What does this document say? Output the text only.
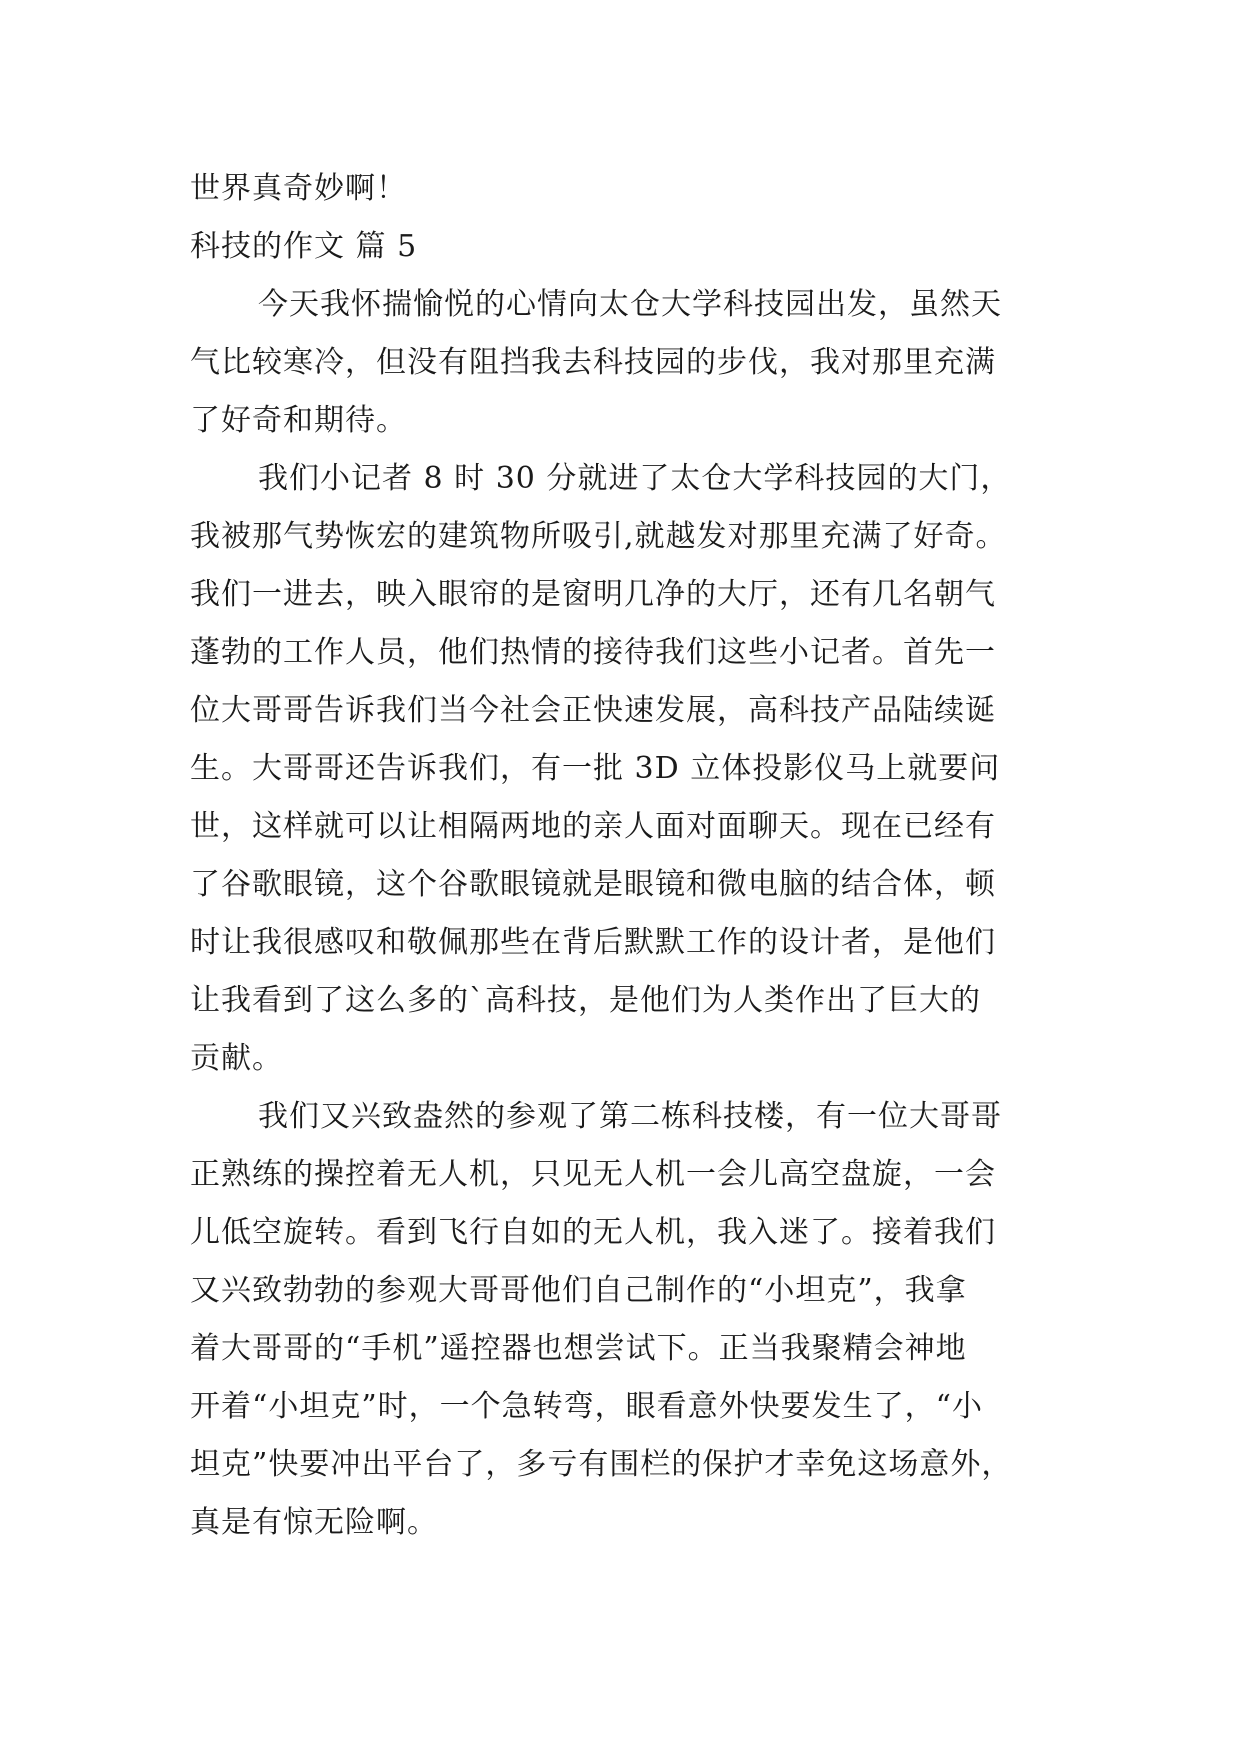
世界真奇妙啊！

科技的作文 篇 5

今天我怀揣愉悦的心情向太仓大学科技园出发，虽然天

气比较寒冷，但没有阻挡我去科技园的步伐，我对那里充满

了好奇和期待。

我们小记者 8 时 30 分就进了太仓大学科技园的大门，

我被那气势恢宏的建筑物所吸引,就越发对那里充满了好奇。

我们一进去，映入眼帘的是窗明几净的大厅，还有几名朝气

蓬勃的工作人员，他们热情的接待我们这些小记者。首先一

位大哥哥告诉我们当今社会正快速发展，高科技产品陆续诞

生。大哥哥还告诉我们，有一批 3D 立体投影仪马上就要问

世，这样就可以让相隔两地的亲人面对面聊天。现在已经有

了谷歌眼镜，这个谷歌眼镜就是眼镜和微电脑的结合体，顿

时让我很感叹和敬佩那些在背后默默工作的设计者，是他们

让我看到了这么多的`高科技，是他们为人类作出了巨大的

贡献。

我们又兴致盎然的参观了第二栋科技楼，有一位大哥哥

正熟练的操控着无人机，只见无人机一会儿高空盘旋，一会

儿低空旋转。看到飞行自如的无人机，我入迷了。接着我们

又兴致勃勃的参观大哥哥他们自己制作的“小坦克”，我拿

着大哥哥的“手机”遥控器也想尝试下。正当我聚精会神地

开着“小坦克”时，一个急转弯，眼看意外快要发生了，“小

坦克”快要冲出平台了，多亏有围栏的保护才幸免这场意外，

真是有惊无险啊。
